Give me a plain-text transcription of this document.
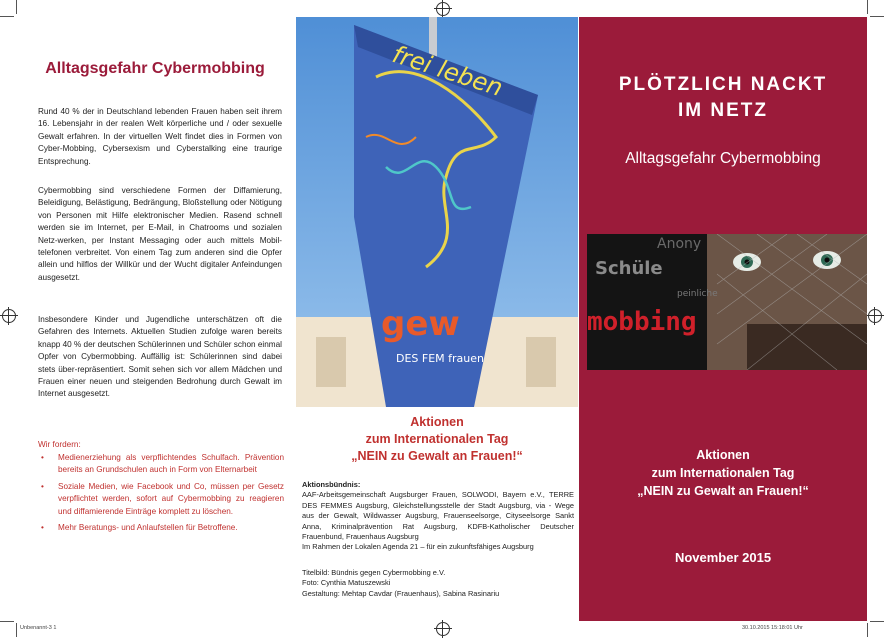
Alltagsgefahr Cybermobbing
Rund 40 % der in Deutschland lebenden Frauen haben seit ihrem 16. Lebensjahr in der realen Welt körperliche und / oder sexuelle Gewalt erfahren. In der virtuellen Welt findet dies in Formen von Cyber-Mobbing, Cybersexism und Cyberstalking eine traurige Entsprechung.
Cybermobbing sind verschiedene Formen der Diffamierung, Beleidigung, Belästigung, Bedrängung, Bloßstellung oder Nötigung von Personen mit Hilfe elektronischer Medien. Rasend schnell werden sie im Internet, per E-Mail, in Chatrooms und sozialen Netz-werken, per Instant Messaging oder auch mittels Mobil-telefonen verbreitet. Von einem Tag zum anderen sind die Opfer allein und hilflos der Willkür und der Wucht digitaler Anfeindungen ausgesetzt.
Insbesondere Kinder und Jugendliche unterschätzen oft die Gefahren des Internets. Aktuellen Studien zufolge waren bereits knapp 40 % der deutschen Schülerinnen und Schüler schon einmal Opfer von Cybermobbing. Auffällig ist: Schülerinnen sind dabei stets über-repräsentiert. Somit sehen sich vor allem Mädchen und Frauen einer neuen und steigenden Bedrohung durch Gewalt im Internet ausgesetzt.
Wir fordern:
• Medienerziehung als verpflichtendes Schulfach. Prävention bereits an Grundschulen auch in Form von Elternarbeit
• Soziale Medien, wie Facebook und Co, müssen per Gesetz verpflichtet werden, sofort auf Cybermobbing zu reagieren und diffamierende Einträge komplett zu löschen.
• Mehr Beratungs- und Anlaufstellen für Betroffene.
frei leben
gew
DES FEM frauen
Aktionen
zum Internationalen Tag
„NEIN zu Gewalt an Frauen!“
Aktionsbündnis:
AAF-Arbeitsgemeinschaft Augsburger Frauen, SOLWODI, Bayern e.V., TERRE DES FEMMES Augsburg, Gleichstellungsstelle der Stadt Augsburg, via - Wege aus der Gewalt, Wildwasser Augsburg, Frauenseelsorge, Cityseelsorge Sankt Anna, Kriminalprävention Rat Augsburg, KDFB-Katholischer Deutscher Frauenbund, Frauenhaus Augsburg
Im Rahmen der Lokalen Agenda 21 – für ein zukunftsfähiges Augsburg
Titelbild: Bündnis gegen Cybermobbing e.V.
Foto: Cynthia Matuszewski
Gestaltung: Mehtap Cavdar (Frauenhaus), Sabina Rasinariu
PLÖTZLICH NACKT
IM NETZ
Alltagsgefahr Cybermobbing
Schüle
Anony
peinliche
mobbing
Aktionen
zum Internationalen Tag
„NEIN zu Gewalt an Frauen!“
November 2015
Unbenannt-3 1	30.10.2015 15:18:01 Uhr
